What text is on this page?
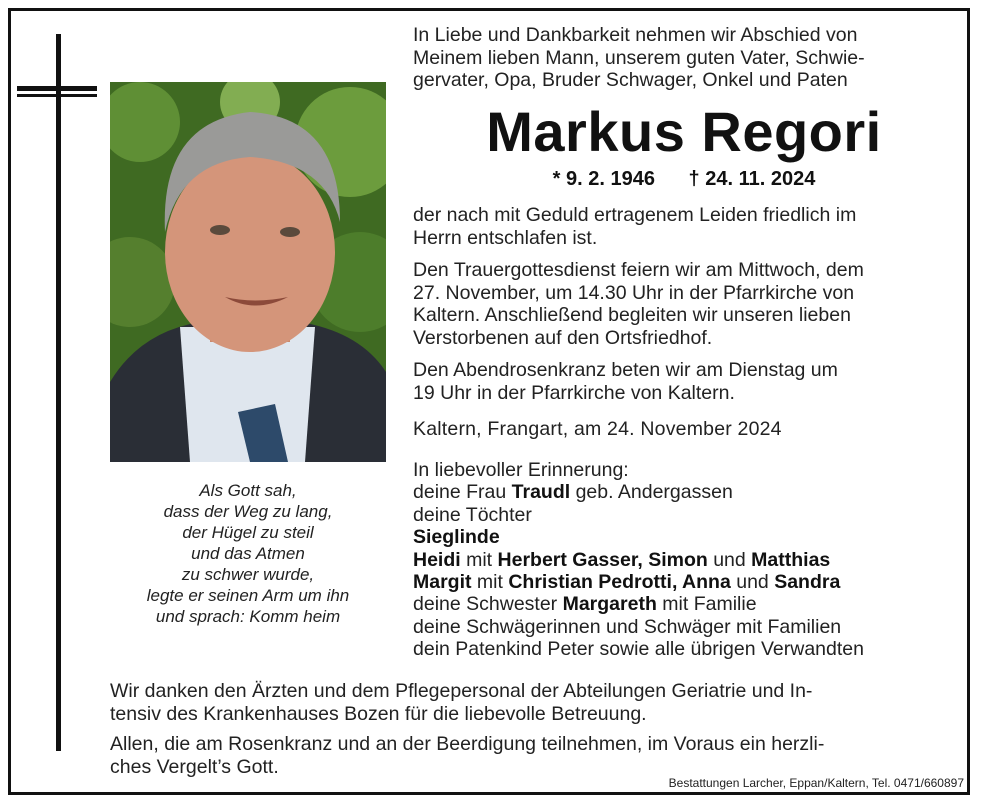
Als Gott sah,
dass der Weg zu lang,
der Hügel zu steil
und das Atmen
zu schwer wurde,
legte er seinen Arm um ihn
und sprach: Komm heim
In Liebe und Dankbarkeit nehmen wir Abschied von
Meinem lieben Mann, unserem guten Vater, Schwie-
gervater, Opa, Bruder Schwager, Onkel und Paten
Markus Regori
* 9. 2. 1946 † 24. 11. 2024
der nach mit Geduld ertragenem Leiden friedlich im
Herrn entschlafen ist.
Den Trauergottesdienst feiern wir am Mittwoch, dem
27. November, um 14.30 Uhr in der Pfarrkirche von
Kaltern. Anschließend begleiten wir unseren lieben
Verstorbenen auf den Ortsfriedhof.
Den Abendrosenkranz beten wir am Dienstag um
19 Uhr in der Pfarrkirche von Kaltern.
Kaltern, Frangart, am 24. November 2024
In liebevoller Erinnerung:
deine Frau Traudl geb. Andergassen
deine Töchter
Sieglinde
Heidi mit Herbert Gasser, Simon und Matthias
Margit mit Christian Pedrotti, Anna und Sandra
deine Schwester Margareth mit Familie
deine Schwägerinnen und Schwäger mit Familien
dein Patenkind Peter sowie alle übrigen Verwandten
Wir danken den Ärzten und dem Pflegepersonal der Abteilungen Geriatrie und In-
tensiv des Krankenhauses Bozen für die liebevolle Betreuung.
Allen, die am Rosenkranz und an der Beerdigung teilnehmen, im Voraus ein herzli-
ches Vergelt’s Gott.
Bestattungen Larcher, Eppan/Kaltern, Tel. 0471/660897
